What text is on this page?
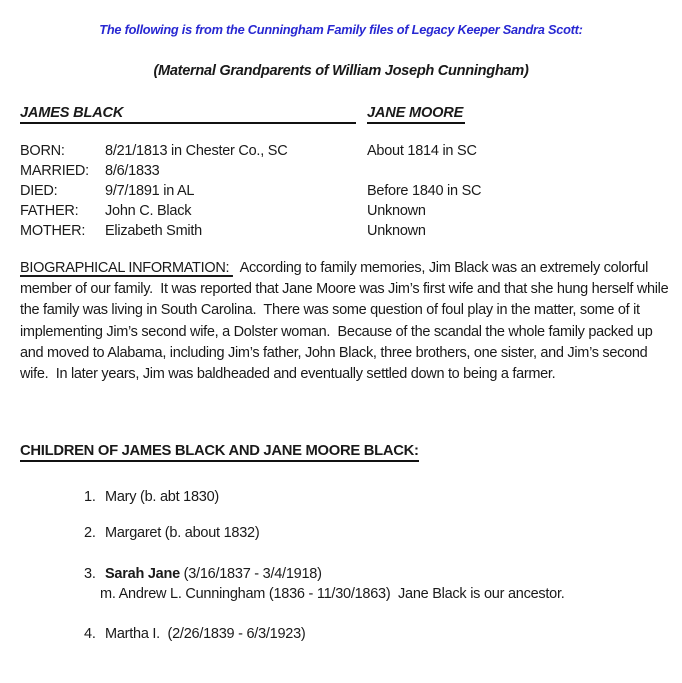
The following is from the Cunningham Family files of Legacy Keeper Sandra Scott:
(Maternal Grandparents of William Joseph Cunningham)
JAMES BLACK	JANE MOORE
BORN:	8/21/1813 in Chester Co., SC	About 1814 in SC
MARRIED:	8/6/1833
DIED:	9/7/1891 in AL	Before 1840 in SC
FATHER:	John C. Black	Unknown
MOTHER:	Elizabeth Smith	Unknown

BIOGRAPHICAL INFORMATION:   According to family memories, Jim Black was an extremely colorful member of our family.  It was reported that Jane Moore was Jim’s first wife and that she hung herself while the family was living in South Carolina.  There was some question of foul play in the matter, some of it implementing Jim’s second wife, a Dolster woman.  Because of the scandal the whole family packed up and moved to Alabama, including Jim’s father, John Black, three brothers, one sister, and Jim’s second wife.  In later years, Jim was baldheaded and eventually settled down to being a farmer.

CHILDREN OF JAMES BLACK AND JANE MOORE BLACK:
1. Mary (b. abt 1830)
2. Margaret (b. about 1832)
3. Sarah Jane (3/16/1837 - 3/4/1918)
m. Andrew L. Cunningham (1836 - 11/30/1863)  Jane Black is our ancestor.
4. Martha I.  (2/26/1839 - 6/3/1923)
